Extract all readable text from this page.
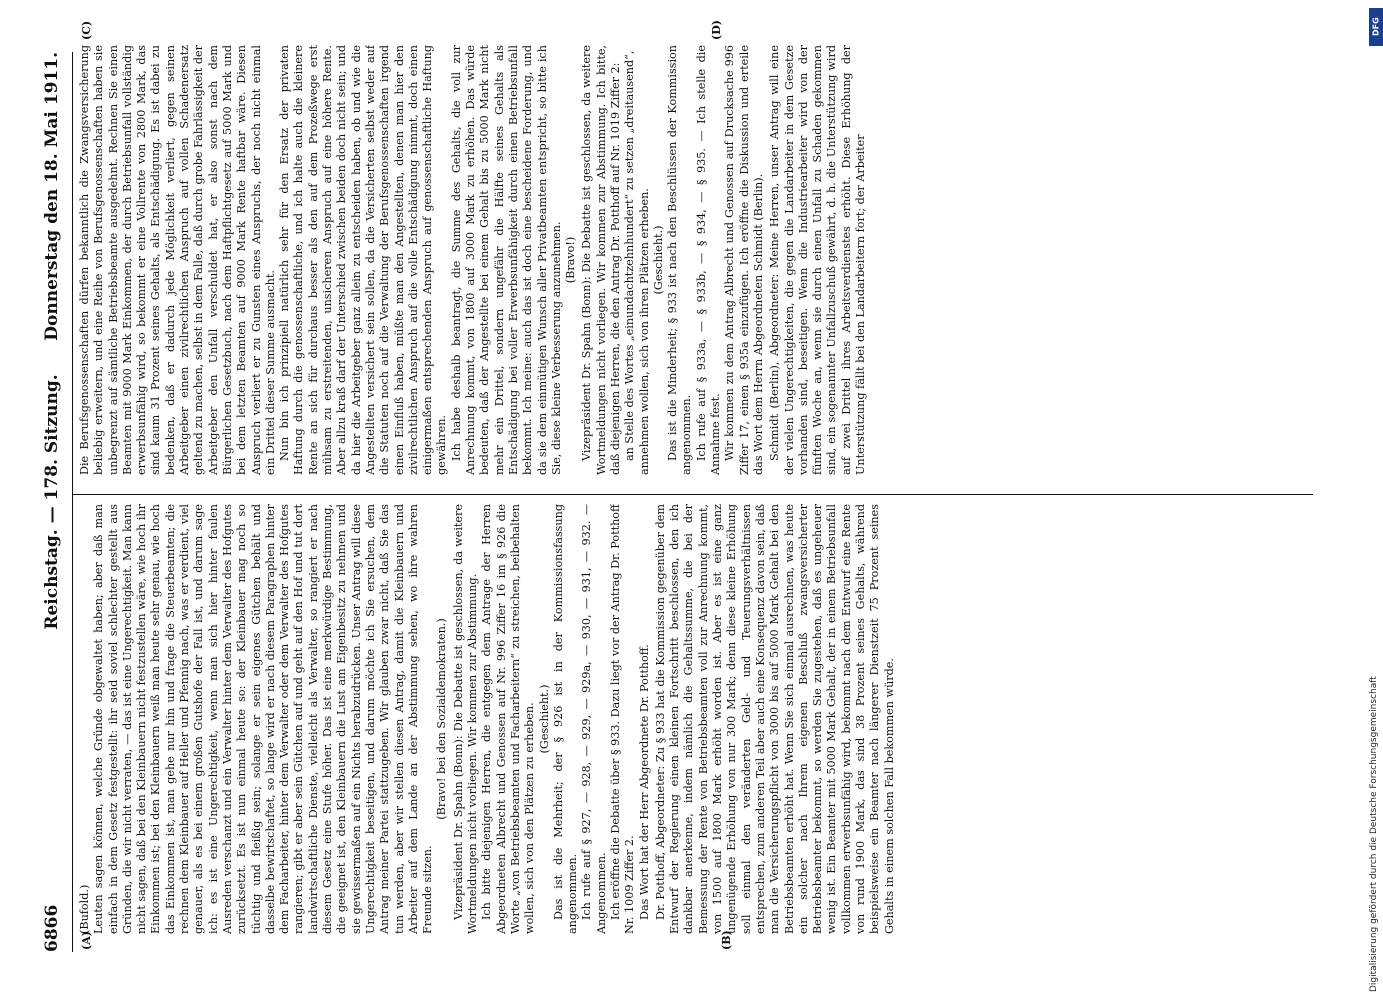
6866
Reichstag. — 178. Sitzung.
Donnerstag den 18. Mai 1911.
(A)	(B)
(C)	(D)

(Bufold.) Leuten sagen können, welche Gründe obgewaltet haben; aber daß man einfach in dem Gesetz festgestellt: ihr seid soviel schlechter gestellt aus Gründen, die wir nicht verraten, — das ist eine Ungerechtigkeit. Man kann nicht sagen, daß bei den Kleinbauern nicht festzustellen wäre, wie hoch ihr Einkommen ist; bei den Kleinbauern weiß man heute sehr genau, wie hoch das Einkommen ist, man gehe nur hin und frage die Steuerbeamten; die rechnen dem Kleinbauer auf Heller und Pfennig nach, was er verdient, viel genauer, als es bei einem großen Gutshofe der Fall ist, und darum sage ich: es ist eine Ungerechtigkeit, wenn man sich hier hinter faulen Ausreden verschanzt und ein Verwalter hinter dem Verwalter des Hofgutes zurücksetzt. Es ist nun einmal heute so: der Kleinbauer mag noch so tüchtig und fleißig sein; solange er sein eigenes Gütchen behält und dasselbe bewirtschaftet, so lange wird er nach diesem Paragraphen hinter dem Facharbeiter, hinter dem Verwalter oder dem Verwalter des Hofgutes rangieren; gibt er aber sein Gütchen auf und geht auf den Hof und tut dort landwirtschaftliche Dienste, vielleicht als Verwalter, so rangiert er nach diesem Gesetz eine Stufe höher. Das ist eine merkwürdige Bestimmung, die geeignet ist, den Kleinbauern die Lust am Eigenbesitz zu nehmen und sie gewissermaßen auf ein Nichts herabzudrücken. Unser Antrag will diese Ungerechtigkeit beseitigen, und darum möchte ich Sie ersuchen, dem Antrag meiner Partei stattzugeben. Wir glauben zwar nicht, daß Sie das tun werden, aber wir stellen diesen Antrag, damit die Kleinbauern und Arbeiter auf dem Lande an der Abstimmung sehen, wo ihre wahren Freunde sitzen.

(Bravo! bei den Sozialdemokraten.) Vizepräsident Dr. Spahn (Bonn): Die Debatte ist geschlossen, da weitere Wortmeldungen nicht vorliegen. Wir kommen zur Abstimmung. Ich bitte diejenigen Herren, die entgegen dem Antrage der Herren Abgeordneten Albrecht und Genossen auf Nr. 996 Ziffer 16 im § 926 die Worte „von Betriebsbeamten und Facharbeitern“ zu streichen, beibehalten wollen, sich von den Plätzen zu erheben. (Geschieht.) Das ist die Mehrheit; der § 926 ist in der Kommissionsfassung angenommen. Ich rufe auf § 927, — 928, — 929, — 929a, — 930, — 931, — 932. — Angenommen. Ich eröffne die Debatte über § 933. Dazu liegt vor der Antrag Dr. Potthoff Nr. 1009 Ziffer 2. Das Wort hat der Herr Abgeordnete Dr. Potthoff. Dr. Potthoff, Abgeordneter: Zu § 933 hat die Kommission gegenüber dem Entwurf der Regierung einen kleinen Fortschritt beschlossen, den ich dankbar anerkenne, indem nämlich die Gehaltssumme, die bei der Bemessung der Rente von Betriebsbeamten voll zur Anrechnung kommt, von 1500 auf 1800 Mark erhöht worden ist. Aber es ist eine ganz ungenügende Erhöhung von nur 300 Mark; denn diese kleine Erhöhung soll einmal den veränderten Geld- und Teuerungsverhältnissen entsprechen, zum anderen Teil aber auch eine Konsequenz davon sein, daß man die Versicherungspflicht von 3000 bis auf 5000 Mark Gehalt bei den Betriebsbeamten erhöht hat. Wenn Sie sich einmal ausrechnen, was heute ein solcher nach Ihrem eigenen Beschluß zwangsversicherter Betriebsbeamter bekommt, so werden Sie zugestehen, daß es ungeheuer wenig ist. Ein Beamter mit 5000 Mark Gehalt, der in einem Betriebsunfall vollkommen erwerbsunfähig wird, bekommt nach dem Entwurf eine Rente von rund 1900 Mark, das sind 38 Prozent seines Gehalts, während beispielsweise ein Beamter nach längerer Dienstzeit 75 Prozent seines Gehalts in einem solchen Fall bekommen würde.

Die Berufsgenossenschaften dürfen bekanntlich die Zwangsversicherung beliebig erweitern, und eine Reihe von Berufsgenossenschaften haben sie unbegrenzt auf sämtliche Betriebsbeamte ausgedehnt. Rechnen Sie einen Beamten mit 9000 Mark Einkommen, der durch Betriebsunfall vollständig erwerbsunfähig wird, so bekommt er eine Vollrente von 2800 Mark, das sind kaum 31 Prozent seines Gehalts, als Entschädigung. Es ist dabei zu bedenken, daß er dadurch jede Möglichkeit verliert, gegen seinen Arbeitgeber einen zivilrechtlichen Anspruch auf vollen Schadenersatz geltend zu machen, selbst in dem Falle, daß durch grobe Fahrlässigkeit der Arbeitgeber den Unfall verschuldet hat, er also sonst nach dem Bürgerlichen Gesetzbuch, nach dem Haftpflichtgesetz auf 5000 Mark und bei dem letzten Beamten auf 9000 Mark Rente haftbar wäre. Diesen Anspruch verliert er zu Gunsten eines Anspruchs, der noch nicht einmal ein Drittel dieser Summe ausmacht. Nun bin ich prinzipiell natürlich sehr für den Ersatz der privaten Haftung durch die genossenschaftliche, und ich halte auch die kleinere Rente an sich für durchaus besser als den auf dem Prozeßwege erst mühsam zu erstreitenden, unsicheren Anspruch auf eine höhere Rente. Aber allzu kraß darf der Unterschied zwischen beiden doch nicht sein; und da hier die Arbeitgeber ganz allein zu entscheiden haben, ob und wie die Angestellten versichert sein sollen, da die Versicherten selbst weder auf die Statuten noch auf die Verwaltung der Berufsgenossenschaften irgend einen Einfluß haben, müßte man den Angestellten, denen man hier den zivilrechtlichen Anspruch auf die volle Entschädigung nimmt, doch einen einigermaßen entsprechenden Anspruch auf genossenschaftliche Haftung gewähren. Ich habe deshalb beantragt, die Summe des Gehalts, die voll zur Anrechnung kommt, von 1800 auf 3000 Mark zu erhöhen. Das würde bedeuten, daß der Angestellte bei einem Gehalt bis zu 5000 Mark nicht mehr ein Drittel, sondern ungefähr die Hälfte seines Gehalts als Entschädigung bei voller Erwerbsunfähigkeit durch einen Betriebsunfall bekommt. Ich meine: auch das ist doch eine bescheidene Forderung, und da sie dem einmütigen Wunsch aller Privatbeamten entspricht, so bitte ich Sie, diese kleine Verbesserung anzunehmen. (Bravo!) Vizepräsident Dr. Spahn (Bonn): Die Debatte ist geschlossen, da weitere Wortmeldungen nicht vorliegen. Wir kommen zur Abstimmung. Ich bitte, daß diejenigen Herren, die den Antrag Dr. Potthoff auf Nr. 1019 Ziffer 2: an Stelle des Wortes „einundachtzehnhundert“ zu setzen „dreitausend“, annehmen wollen, sich von ihren Plätzen erheben. (Geschieht.) Das ist die Minderheit; § 933 ist nach den Beschlüssen der Kommission angenommen. Ich rufe auf § 933a, — § 933b, — § 934, — § 935. — Ich stelle die Annahme fest. Wir kommen zu dem Antrag Albrecht und Genossen auf Drucksache 996 Ziffer 17, einen § 935a einzufügen. Ich eröffne die Diskussion und erteile das Wort dem Herrn Abgeordneten Schmidt (Berlin). Schmidt (Berlin), Abgeordneter: Meine Herren, unser Antrag will eine der vielen Ungerechtigkeiten, die gegen die Landarbeiter in dem Gesetze vorhanden sind, beseitigen. Wenn die Industriearbeiter wird von der fünften Woche an, wenn sie durch einen Unfall zu Schaden gekommen sind, ein sogenannter Unfallzuschuß gewährt, d. h. die Unterstützung wird auf zwei Drittel ihres Arbeitsverdienstes erhöht. Diese Erhöhung der Unterstützung fällt bei den Landarbeitern fort; der Arbeiter

DFG
Digitalisierung gefördert durch die Deutsche Forschungsgemeinschaft
